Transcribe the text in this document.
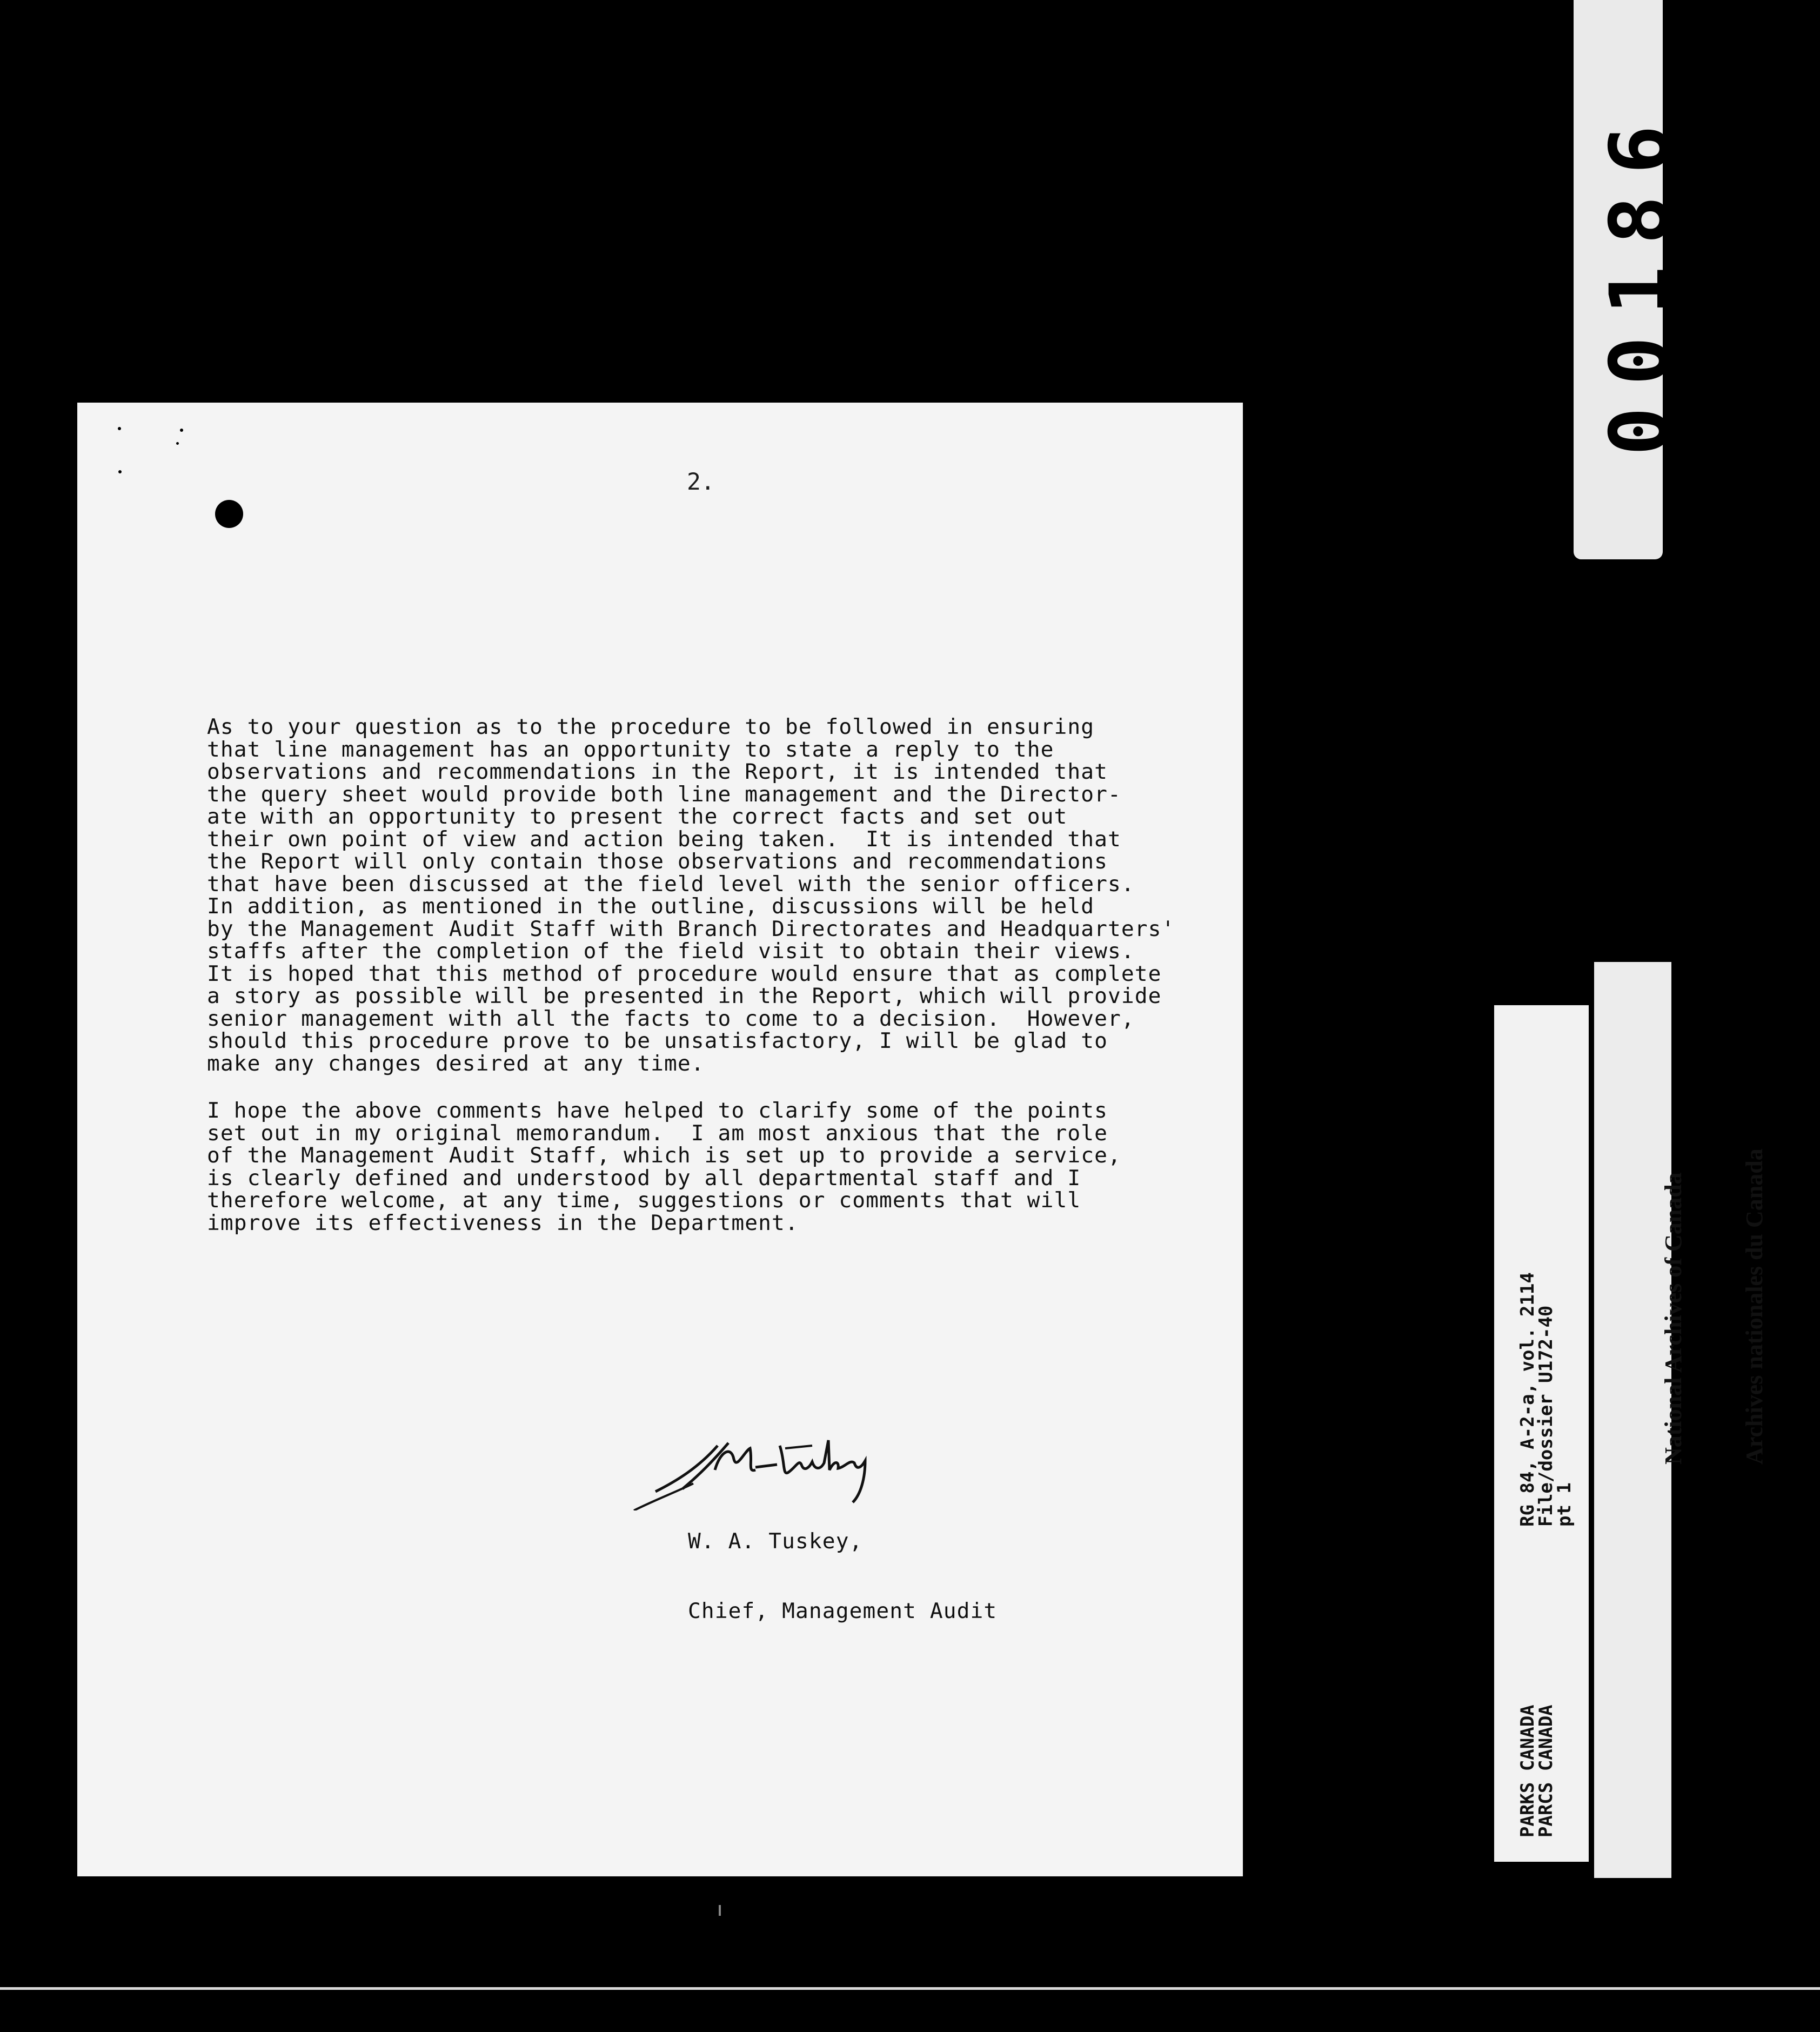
2.
As to your question as to the procedure to be followed in ensuring
that line management has an opportunity to state a reply to the
observations and recommendations in the Report, it is intended that
the query sheet would provide both line management and the Director-
ate with an opportunity to present the correct facts and set out
their own point of view and action being taken.  It is intended that
the Report will only contain those observations and recommendations
that have been discussed at the field level with the senior officers.
In addition, as mentioned in the outline, discussions will be held
by the Management Audit Staff with Branch Directorates and Headquarters'
staffs after the completion of the field visit to obtain their views.
It is hoped that this method of procedure would ensure that as complete
a story as possible will be presented in the Report, which will provide
senior management with all the facts to come to a decision.  However,
should this procedure prove to be unsatisfactory, I will be glad to
make any changes desired at any time.
I hope the above comments have helped to clarify some of the points
set out in my original memorandum.  I am most anxious that the role
of the Management Audit Staff, which is set up to provide a service,
is clearly defined and understood by all departmental staff and I
therefore welcome, at any time, suggestions or comments that will
improve its effectiveness in the Department.

W. A. Tuskey,

Chief, Management Audit

00186
RG 84, A-2-a, vol. 2114
File/dossier U172-40
pt 1
PARKS CANADA
PARCS CANADA

National Archives of Canada

Archives nationales du Canada
